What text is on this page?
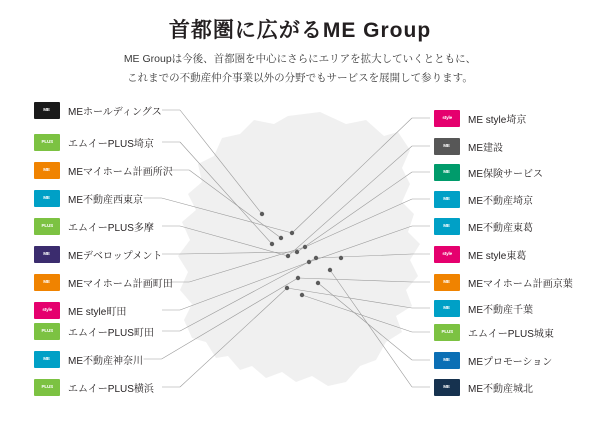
首都圏に広がるME Group
ME Groupは今後、首都圏を中心にさらにエリアを拡大していくとともに、
これまでの不動産仲介事業以外の分野でもサービスを展開して参ります。
ME MEホールディングス
PLUS エムイーPLUS埼京
ME MEマイホーム計画所沢
ME ME不動産西東京
PLUS エムイーPLUS多摩
ME MEデベロップメント
ME MEマイホーム計画町田
style ME style町田
PLUS エムイーPLUS町田
ME ME不動産神奈川
PLUS エムイーPLUS横浜
style ME style埼京
ME ME建設
ME ME保険サービス
ME ME不動産埼京
ME ME不動産東葛
style ME style東葛
ME MEマイホーム計画京葉
ME ME不動産千葉
PLUS エムイーPLUS城東
ME MEプロモーション
ME ME不動産城北
